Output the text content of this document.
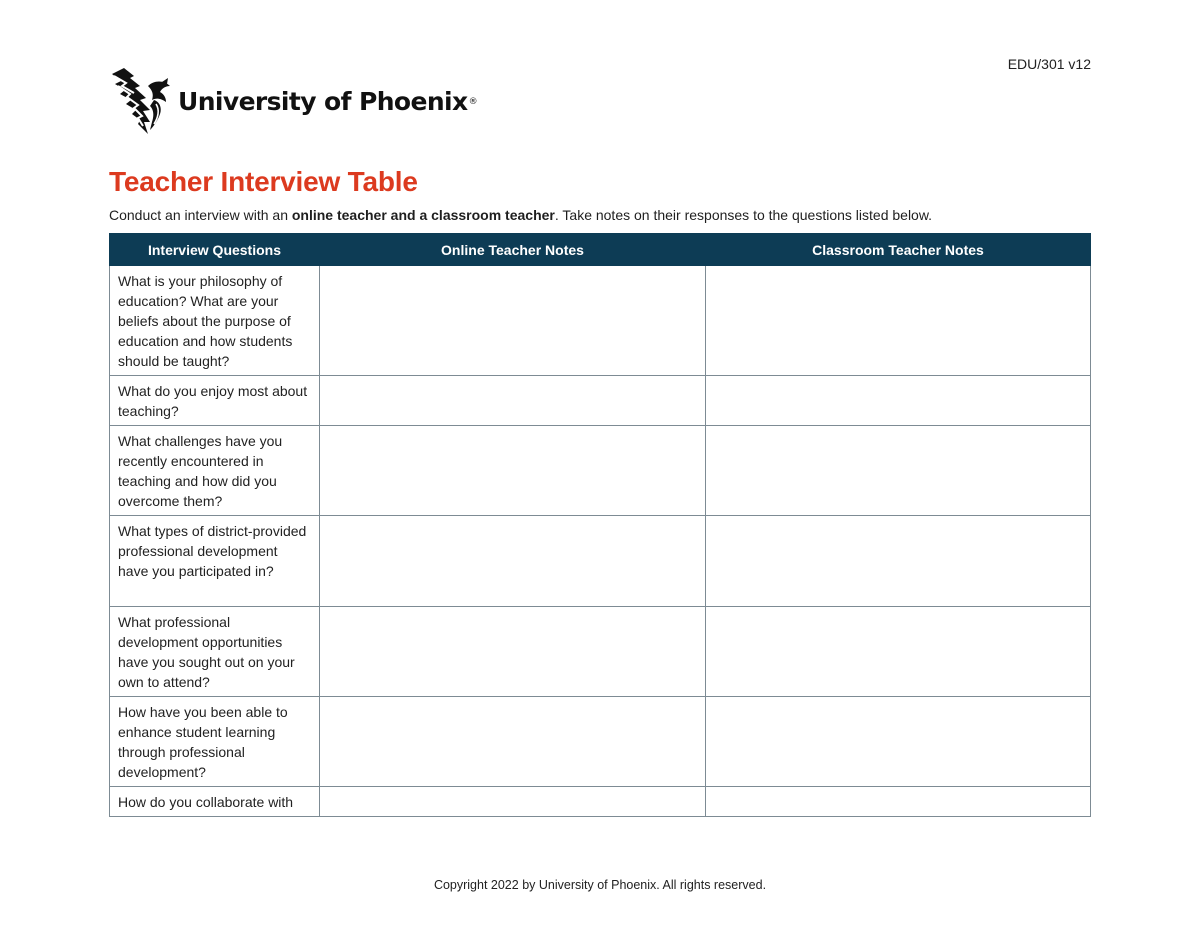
EDU/301 v12
University of Phoenix®
Teacher Interview Table

Conduct an interview with an online teacher and a classroom teacher. Take notes on their responses to the questions listed below.

Interview Questions	Online Teacher Notes	Classroom Teacher Notes
What is your philosophy of education? What are your beliefs about the purpose of education and how students should be taught?		
What do you enjoy most about teaching?		
What challenges have you recently encountered in teaching and how did you overcome them?		
What types of district-provided professional development have you participated in?		
What professional development opportunities have you sought out on your own to attend?		
How have you been able to enhance student learning through professional development?		
How do you collaborate with		
Copyright 2022 by University of Phoenix. All rights reserved.
